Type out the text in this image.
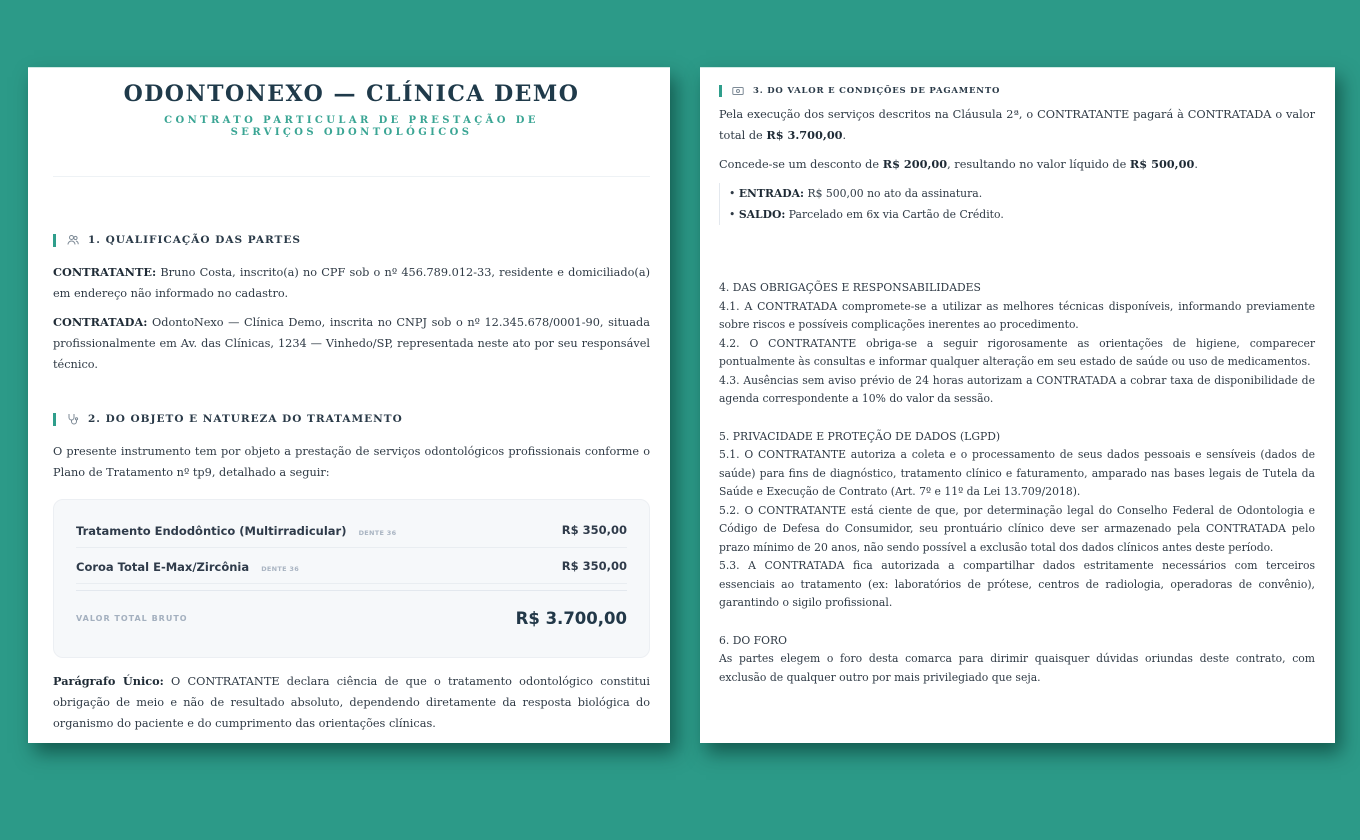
ODONTONEXO — CLÍNICA DEMO
CONTRATO PARTICULAR DE PRESTAÇÃO DE SERVIÇOS ODONTOLÓGICOS
1. QUALIFICAÇÃO DAS PARTES

CONTRATANTE: Bruno Costa, inscrito(a) no CPF sob o nº 456.789.012-33, residente e domiciliado(a) em endereço não informado no cadastro.

CONTRATADA: OdontoNexo — Clínica Demo, inscrita no CNPJ sob o nº 12.345.678/0001-90, situada profissionalmente em Av. das Clínicas, 1234 — Vinhedo/SP, representada neste ato por seu responsável técnico.

2. DO OBJETO E NATUREZA DO TRATAMENTO

O presente instrumento tem por objeto a prestação de serviços odontológicos profissionais conforme o Plano de Tratamento nº tp9, detalhado a seguir:

Tratamento Endodôntico (Multirradicular) DENTE 36	R$ 350,00
Coroa Total E-Max/Zircônia DENTE 36	R$ 350,00
VALOR TOTAL BRUTO	R$ 3.700,00

Parágrafo Único: O CONTRATANTE declara ciência de que o tratamento odontológico constitui obrigação de meio e não de resultado absoluto, dependendo diretamente da resposta biológica do organismo do paciente e do cumprimento das orientações clínicas.

3. DO VALOR E CONDIÇÕES DE PAGAMENTO

Pela execução dos serviços descritos na Cláusula 2ª, o CONTRATANTE pagará à CONTRATADA o valor total de R$ 3.700,00.

Concede-se um desconto de R$ 200,00, resultando no valor líquido de R$ 500,00.

• ENTRADA: R$ 500,00 no ato da assinatura.
• SALDO: Parcelado em 6x via Cartão de Crédito.
4. DAS OBRIGAÇÕES E RESPONSABILIDADES
4.1. A CONTRATADA compromete-se a utilizar as melhores técnicas disponíveis, informando previamente sobre riscos e possíveis complicações inerentes ao procedimento.
4.2. O CONTRATANTE obriga-se a seguir rigorosamente as orientações de higiene, comparecer pontualmente às consultas e informar qualquer alteração em seu estado de saúde ou uso de medicamentos.
4.3. Ausências sem aviso prévio de 24 horas autorizam a CONTRATADA a cobrar taxa de disponibilidade de agenda correspondente a 10% do valor da sessão.
5. PRIVACIDADE E PROTEÇÃO DE DADOS (LGPD)
5.1. O CONTRATANTE autoriza a coleta e o processamento de seus dados pessoais e sensíveis (dados de saúde) para fins de diagnóstico, tratamento clínico e faturamento, amparado nas bases legais de Tutela da Saúde e Execução de Contrato (Art. 7º e 11º da Lei 13.709/2018).
5.2. O CONTRATANTE está ciente de que, por determinação legal do Conselho Federal de Odontologia e Código de Defesa do Consumidor, seu prontuário clínico deve ser armazenado pela CONTRATADA pelo prazo mínimo de 20 anos, não sendo possível a exclusão total dos dados clínicos antes deste período.
5.3. A CONTRATADA fica autorizada a compartilhar dados estritamente necessários com terceiros essenciais ao tratamento (ex: laboratórios de prótese, centros de radiologia, operadoras de convênio), garantindo o sigilo profissional.
6. DO FORO
As partes elegem o foro desta comarca para dirimir quaisquer dúvidas oriundas deste contrato, com exclusão de qualquer outro por mais privilegiado que seja.
